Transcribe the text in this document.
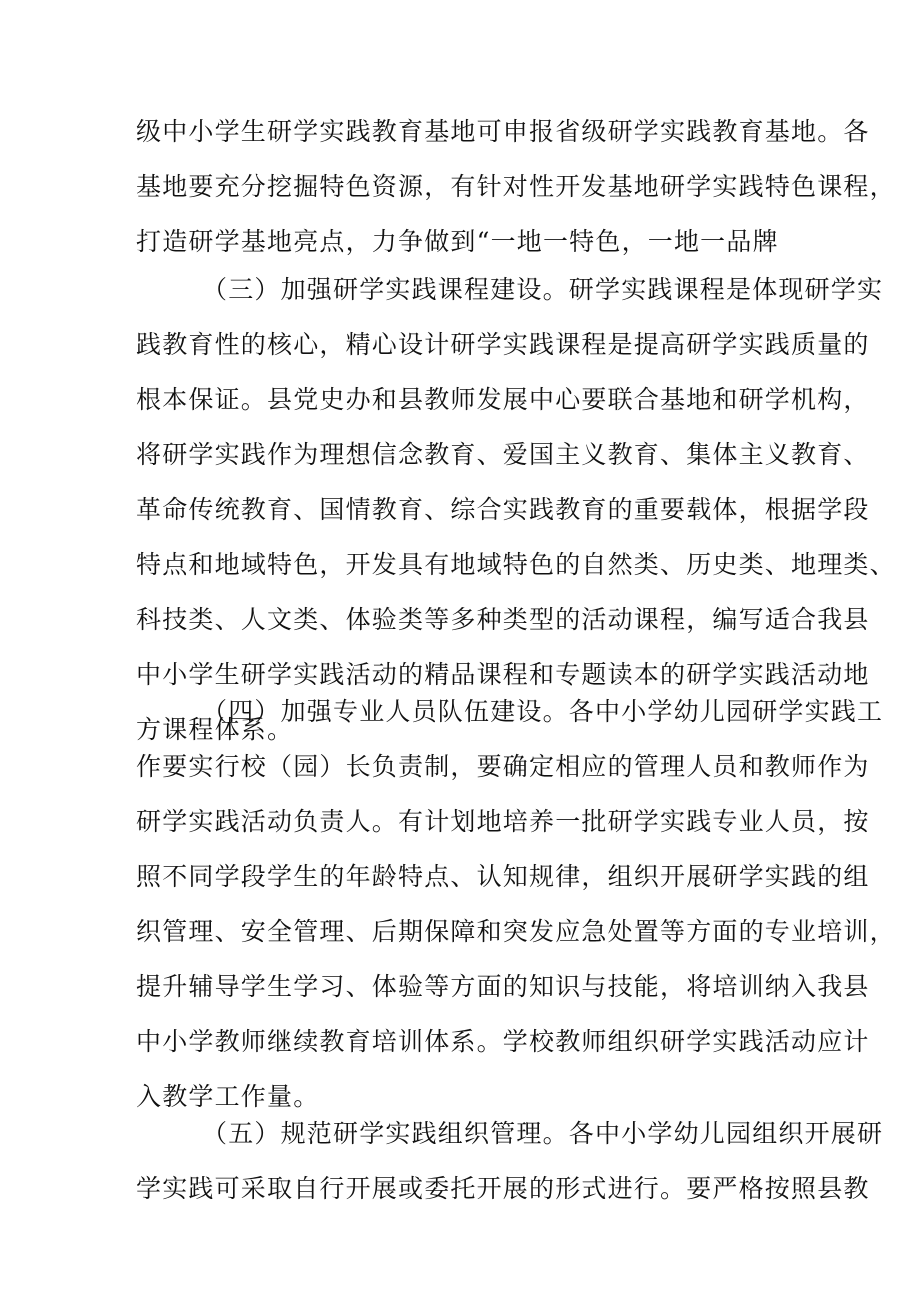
级中小学生研学实践教育基地可申报省级研学实践教育基地。各
基地要充分挖掘特色资源，有针对性开发基地研学实践特色课程，
打造研学基地亮点，力争做到“一地一特色，一地一品牌
（三）加强研学实践课程建设。研学实践课程是体现研学实
践教育性的核心，精心设计研学实践课程是提高研学实践质量的
根本保证。县党史办和县教师发展中心要联合基地和研学机构，
将研学实践作为理想信念教育、爱国主义教育、集体主义教育、
革命传统教育、国情教育、综合实践教育的重要载体，根据学段
特点和地域特色，开发具有地域特色的自然类、历史类、地理类、
科技类、人文类、体验类等多种类型的活动课程，编写适合我县
中小学生研学实践活动的精品课程和专题读本的研学实践活动地
方课程体系。
（四）加强专业人员队伍建设。各中小学幼儿园研学实践工
作要实行校（园）长负责制，要确定相应的管理人员和教师作为
研学实践活动负责人。有计划地培养一批研学实践专业人员，按
照不同学段学生的年龄特点、认知规律，组织开展研学实践的组
织管理、安全管理、后期保障和突发应急处置等方面的专业培训，
提升辅导学生学习、体验等方面的知识与技能，将培训纳入我县
中小学教师继续教育培训体系。学校教师组织研学实践活动应计
入教学工作量。
（五）规范研学实践组织管理。各中小学幼儿园组织开展研
学实践可采取自行开展或委托开展的形式进行。要严格按照县教
